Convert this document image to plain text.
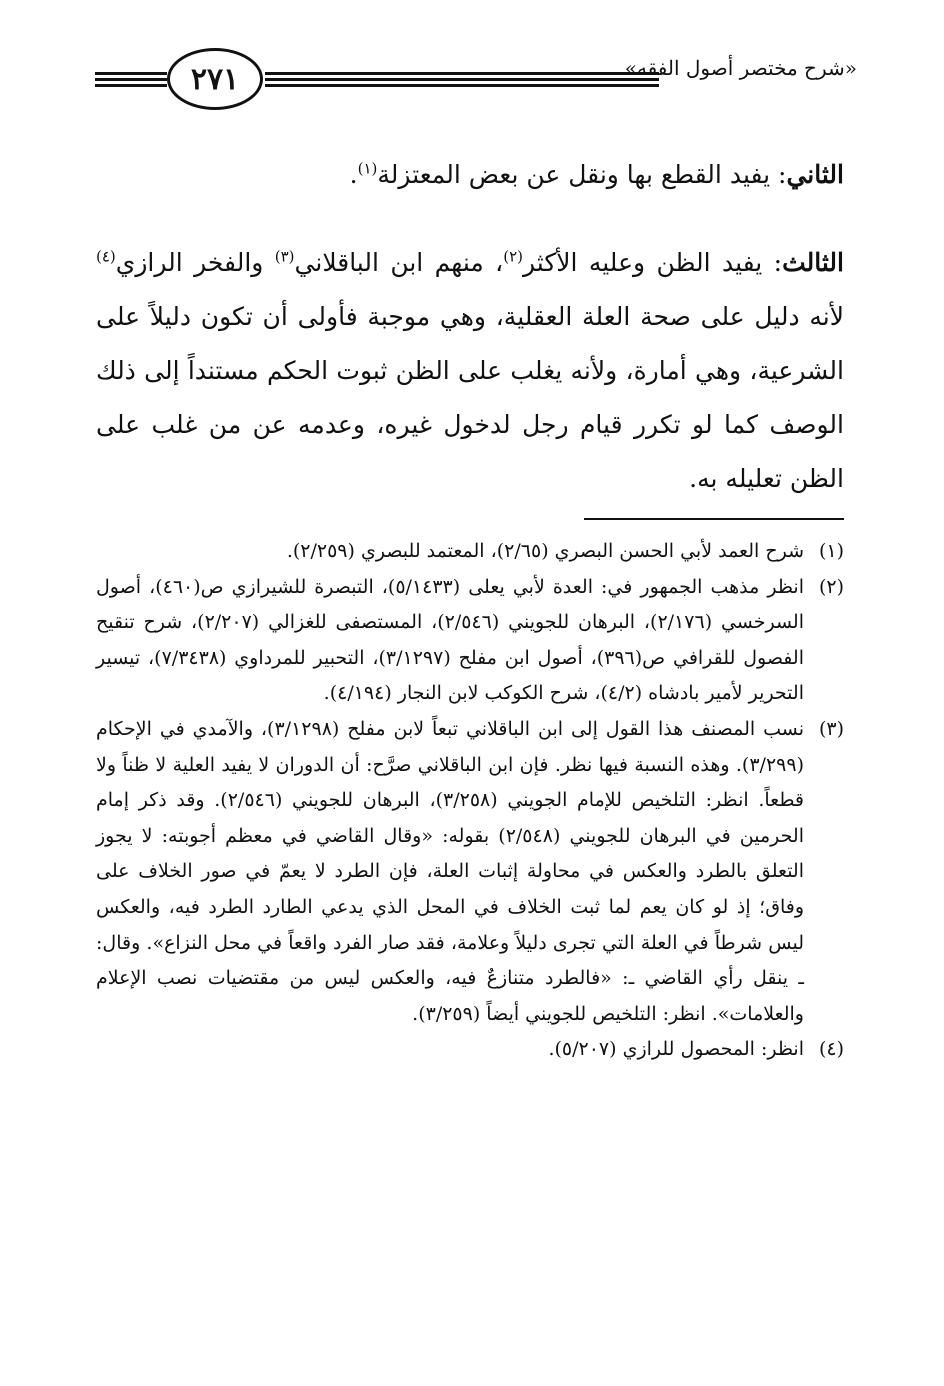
٢٧١	«شرح مختصر أصول الفقه»
الثاني: يفيد القطع بها ونقل عن بعض المعتزلة$^{(١)}$.
الثالث: يفيد الظن وعليه الأكثر$^{(٢)}$، منهم ابن الباقلاني$^{(٣)}$ والفخر الرازي$^{(٤)}$ لأنه دليل على صحة العلة العقلية، وهي موجبة فأولى أن تكون دليلاً على الشرعية، وهي أمارة، ولأنه يغلب على الظن ثبوت الحكم مستنداً إلى ذلك الوصف كما لو تكرر قيام رجل لدخول غيره، وعدمه عن من غلب على الظن تعليله به.
(١)
شرح العمد لأبي الحسن البصري (٢/٦٥)، المعتمد للبصري (٢/٢٥٩).
(٢)
انظر مذهب الجمهور في: العدة لأبي يعلى (٥/١٤٣٣)، التبصرة للشيرازي ص(٤٦٠)، أصول السرخسي (٢/١٧٦)، البرهان للجويني (٢/٥٤٦)، المستصفى للغزالي (٢/٢٠٧)، شرح تنقيح الفصول للقرافي ص(٣٩٦)، أصول ابن مفلح (٣/١٢٩٧)، التحبير للمرداوي (٧/٣٤٣٨)، تيسير التحرير لأمير بادشاه (٤/٢)، شرح الكوكب لابن النجار (٤/١٩٤).
(٣)
نسب المصنف هذا القول إلى ابن الباقلاني تبعاً لابن مفلح (٣/١٢٩٨)، والآمدي في الإحكام (٣/٢٩٩). وهذه النسبة فيها نظر. فإن ابن الباقلاني صرَّح: أن الدوران لا يفيد العلية لا ظناً ولا قطعاً. انظر: التلخيص للإمام الجويني (٣/٢٥٨)، البرهان للجويني (٢/٥٤٦). وقد ذكر إمام الحرمين في البرهان للجويني (٢/٥٤٨) بقوله: «وقال القاضي في معظم أجوبته: لا يجوز التعلق بالطرد والعكس في محاولة إثبات العلة، فإن الطرد لا يعمّ في صور الخلاف على وفاق؛ إذ لو كان يعم لما ثبت الخلاف في المحل الذي يدعي الطارد الطرد فيه، والعكس ليس شرطاً في العلة التي تجرى دليلاً وعلامة، فقد صار الفرد واقعاً في محل النزاع». وقال: ـ ينقل رأي القاضي ـ: «فالطرد متنازعٌ فيه، والعكس ليس من مقتضيات نصب الإعلام والعلامات». انظر: التلخيص للجويني أيضاً (٣/٢٥٩).
(٤)
انظر: المحصول للرازي (٥/٢٠٧).
